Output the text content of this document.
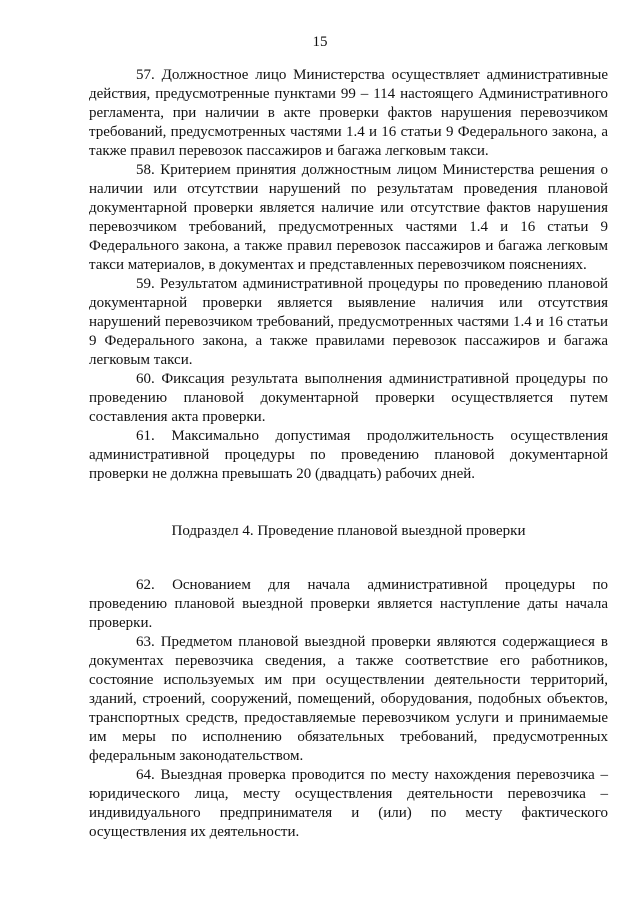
15

57. Должностное лицо Министерства осуществляет административные действия, предусмотренные пунктами 99 – 114 настоящего Административного регламента, при наличии в акте проверки фактов нарушения перевозчиком требований, предусмотренных частями 1.4 и 16 статьи 9 Федерального закона, а также правил перевозок пассажиров и багажа легковым такси.

58. Критерием принятия должностным лицом Министерства решения о наличии или отсутствии нарушений по результатам проведения плановой документарной проверки является наличие или отсутствие фактов нарушения перевозчиком требований, предусмотренных частями 1.4 и 16 статьи 9 Федерального закона, а также правил перевозок пассажиров и багажа легковым такси материалов, в документах и представленных перевозчиком пояснениях.

59. Результатом административной процедуры по проведению плановой документарной проверки является выявление наличия или отсутствия нарушений перевозчиком требований, предусмотренных частями 1.4 и 16 статьи 9 Федерального закона, а также правилами перевозок пассажиров и багажа легковым такси.

60. Фиксация результата выполнения административной процедуры по проведению плановой документарной проверки осуществляется путем составления акта проверки.

61. Максимально допустимая продолжительность осуществления административной процедуры по проведению плановой документарной проверки не должна превышать 20 (двадцать) рабочих дней.

Подраздел 4. Проведение плановой выездной проверки

62. Основанием для начала административной процедуры по проведению плановой выездной проверки является наступление даты начала проверки.

63. Предметом плановой выездной проверки являются содержащиеся в документах перевозчика сведения, а также соответствие его работников, состояние используемых им при осуществлении деятельности территорий, зданий, строений, сооружений, помещений, оборудования, подобных объектов, транспортных средств, предоставляемые перевозчиком услуги и принимаемые им меры по исполнению обязательных требований, предусмотренных федеральным законодательством.

64. Выездная проверка проводится по месту нахождения перевозчика – юридического лица, месту осуществления деятельности перевозчика – индивидуального предпринимателя и (или) по месту фактического осуществления их деятельности.
